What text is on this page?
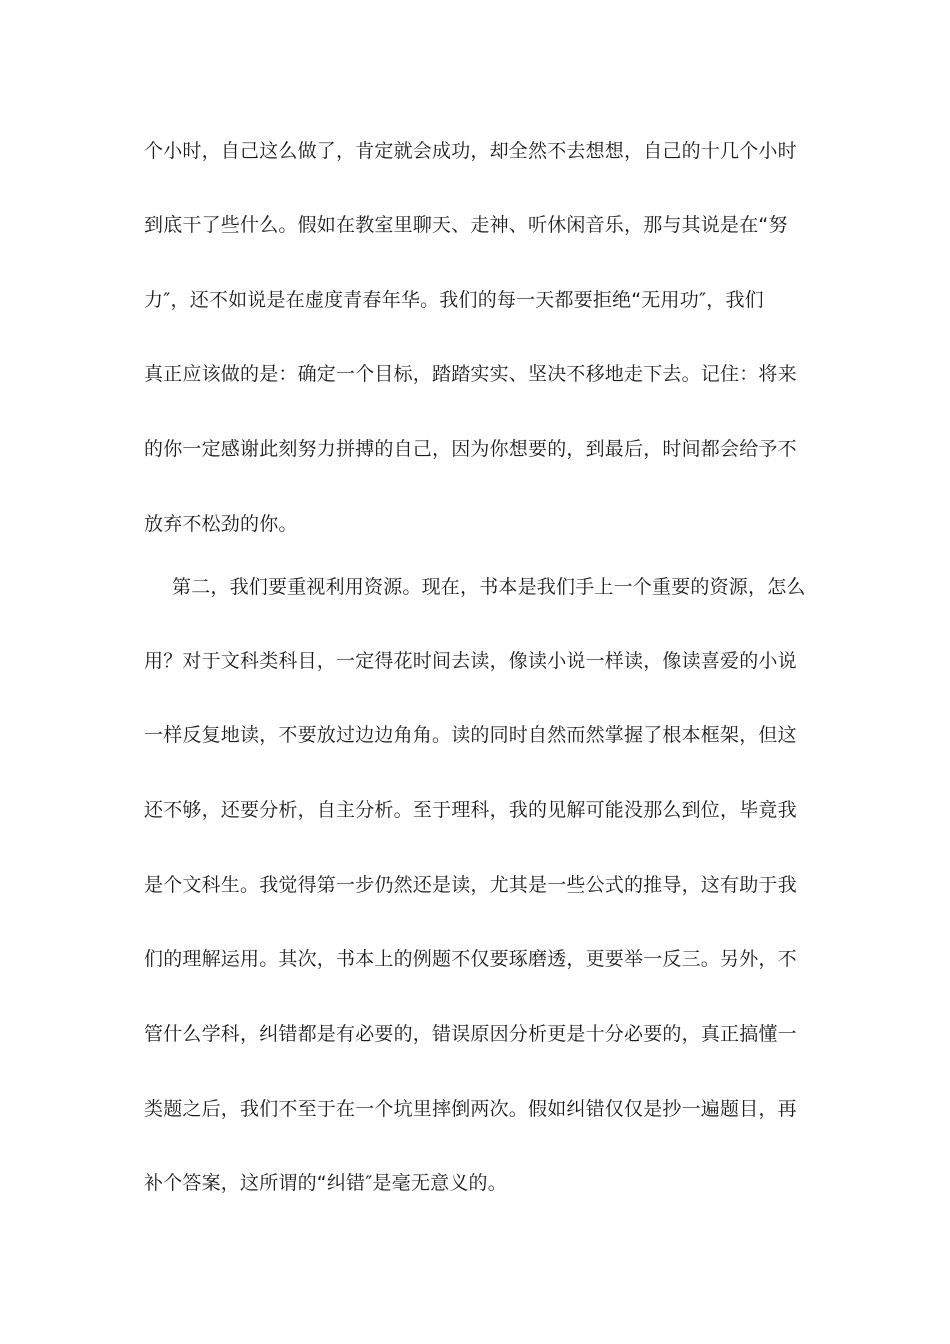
个小时，自己这么做了，肯定就会成功，却全然不去想想，自己的十几个小时
到底干了些什么。假如在教室里聊天、走神、听休闲音乐，那与其说是在“努
力″，还不如说是在虚度青春年华。我们的每一天都要拒绝“无用功″，我们
真正应该做的是：确定一个目标，踏踏实实、坚决不移地走下去。记住：将来
的你一定感谢此刻努力拼搏的自己，因为你想要的，到最后，时间都会给予不
放弃不松劲的你。
第二，我们要重视利用资源。现在，书本是我们手上一个重要的资源，怎么
用？对于文科类科目，一定得花时间去读，像读小说一样读，像读喜爱的小说
一样反复地读，不要放过边边角角。读的同时自然而然掌握了根本框架，但这
还不够，还要分析，自主分析。至于理科，我的见解可能没那么到位，毕竟我
是个文科生。我觉得第一步仍然还是读，尤其是一些公式的推导，这有助于我
们的理解运用。其次，书本上的例题不仅要琢磨透，更要举一反三。另外，不
管什么学科，纠错都是有必要的，错误原因分析更是十分必要的，真正搞懂一
类题之后，我们不至于在一个坑里摔倒两次。假如纠错仅仅是抄一遍题目，再
补个答案，这所谓的“纠错″是毫无意义的。
